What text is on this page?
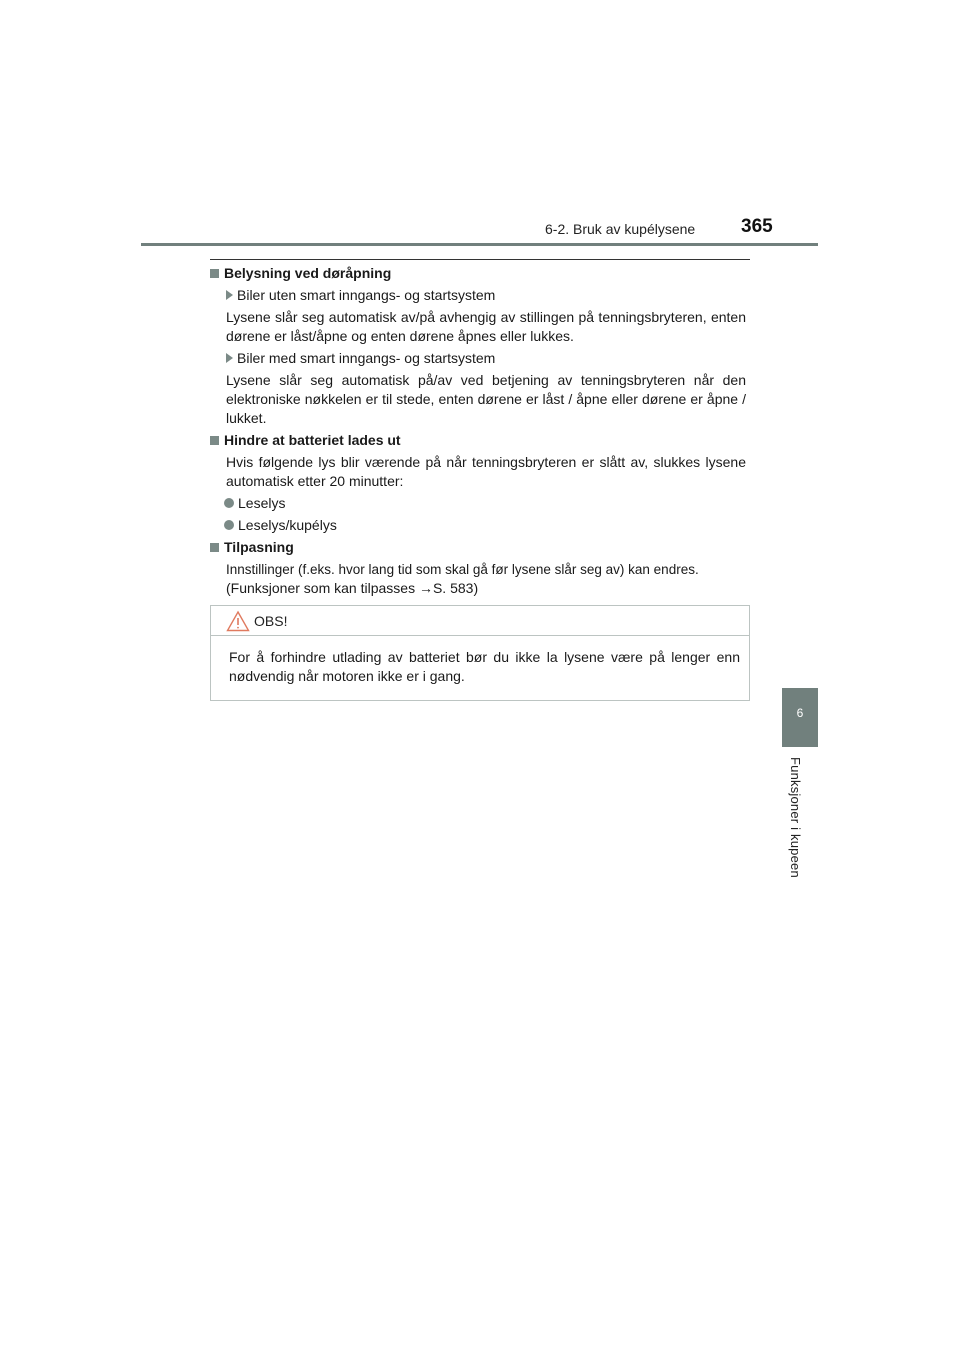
6-2. Bruk av kupélysene 365
6
Funksjoner i kupeen
Belysning ved døråpning
Biler uten smart inngangs- og startsystem
Lysene slår seg automatisk av/på avhengig av stillingen på tenningsbryteren, enten dørene er låst/åpne og enten dørene åpnes eller lukkes.
Biler med smart inngangs- og startsystem
Lysene slår seg automatisk på/av ved betjening av tenningsbryteren når den elektroniske nøkkelen er til stede, enten dørene er låst / åpne eller dørene er åpne / lukket.
Hindre at batteriet lades ut
Hvis følgende lys blir værende på når tenningsbryteren er slått av, slukkes lysene automatisk etter 20 minutter:
Leselys
Leselys/kupélys
Tilpasning
Innstillinger (f.eks. hvor lang tid som skal gå før lysene slår seg av) kan endres.
(Funksjoner som kan tilpasses →S. 583)
OBS!
For å forhindre utlading av batteriet bør du ikke la lysene være på lenger enn nødvendig når motoren ikke er i gang.
